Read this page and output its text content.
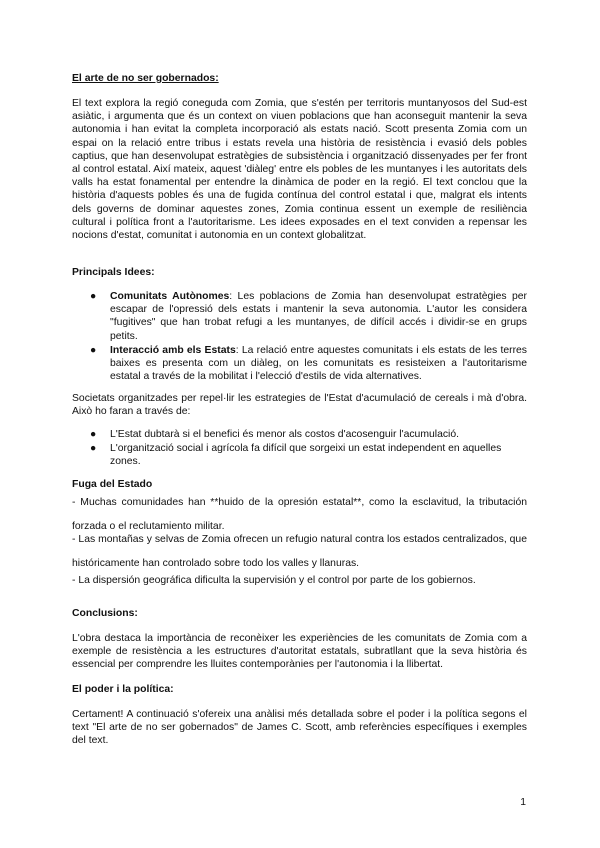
El arte de no ser gobernados:

El text explora la regió coneguda com Zomia, que s'estén per territoris muntanyosos del Sud-est asiàtic, i argumenta que és un context on viuen poblacions que han aconseguit mantenir la seva autonomia i han evitat la completa incorporació als estats nació. Scott presenta Zomia com un espai on la relació entre tribus i estats revela una història de resistència i evasió dels pobles captius, que han desenvolupat estratègies de subsistència i organització dissenyades per fer front al control estatal. Així mateix, aquest 'diàleg' entre els pobles de les muntanyes i les autoritats dels valls ha estat fonamental per entendre la dinàmica de poder en la regió. El text conclou que la història d'aquests pobles és una de fugida contínua del control estatal i que, malgrat els intents dels governs de dominar aquestes zones, Zomia continua essent un exemple de resiliència cultural i política front a l'autoritarisme. Les idees exposades en el text conviden a repensar les nocions d'estat, comunitat i autonomia en un context globalitzat.

Principals Idees:

● Comunitats Autònomes: Les poblacions de Zomia han desenvolupat estratègies per escapar de l'opressió dels estats i mantenir la seva autonomia. L'autor les considera "fugitives" que han trobat refugi a les muntanyes, de difícil accés i dividir-se en grups petits.
● Interacció amb els Estats: La relació entre aquestes comunitats i els estats de les terres baixes es presenta com un diàleg, on les comunitats es resisteixen a l'autoritarisme estatal a través de la mobilitat i l'elecció d'estils de vida alternatives.

Societats organitzades per repel·lir les estrategies de l'Estat d'acumulació de cereals i mà d'obra. Això ho faran a través de:

● L'Estat dubtarà si el benefici és menor als costos d'acosenguir l'acumulació.
● L'organització social i agrícola fa difícil que sorgeixi un estat independent en aquelles zones.

Fuga del Estado

- Muchas comunidades han **huido de la opresión estatal**, como la esclavitud, la tributación forzada o el reclutamiento militar.

- Las montañas y selvas de Zomia ofrecen un refugio natural contra los estados centralizados, que históricamente han controlado sobre todo los valles y llanuras.

- La dispersión geográfica dificulta la supervisión y el control por parte de los gobiernos.

Conclusions:

L'obra destaca la importància de reconèixer les experiències de les comunitats de Zomia com a exemple de resistència a les estructures d'autoritat estatals, subratllant que la seva història és essencial per comprendre les lluites contemporànies per l'autonomia i la llibertat.

El poder i la política:

Certament! A continuació s'ofereix una anàlisi més detallada sobre el poder i la política segons el text "El arte de no ser gobernados" de James C. Scott, amb referències específiques i exemples del text.

1
